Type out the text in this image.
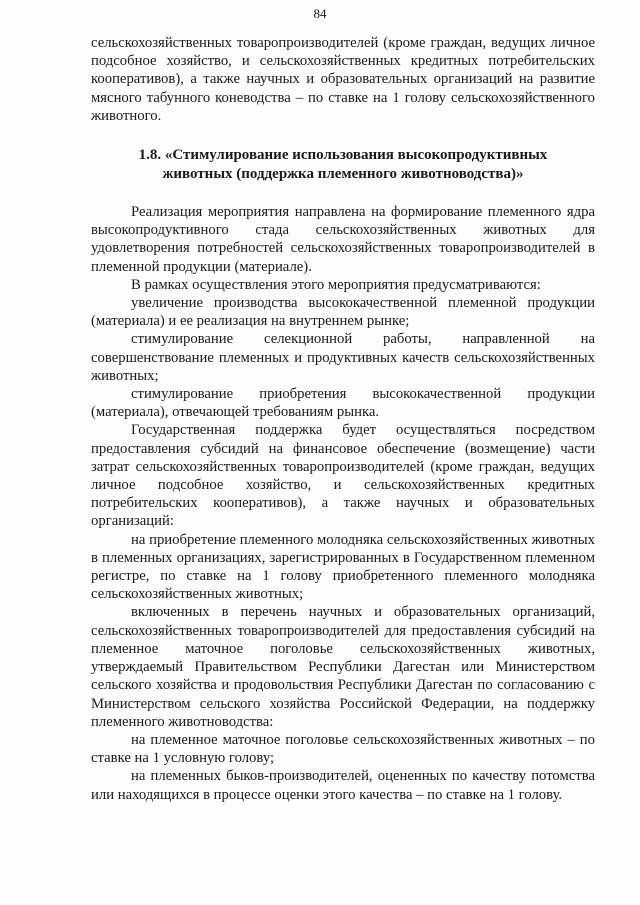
84

сельскохозяйственных товаропроизводителей (кроме граждан, ведущих личное подсобное хозяйство, и сельскохозяйственных кредитных потребительских кооперативов), а также научных и образовательных организаций на развитие мясного табунного коневодства – по ставке на 1 голову сельскохозяйственного животного.

1.8. «Стимулирование использования высокопродуктивных животных (поддержка племенного животноводства)»

Реализация мероприятия направлена на формирование племенного ядра высокопродуктивного стада сельскохозяйственных животных для удовлетворения потребностей сельскохозяйственных товаропроизводителей в племенной продукции (материале).

В рамках осуществления этого мероприятия предусматриваются:

увеличение производства высококачественной племенной продукции (материала) и ее реализация на внутреннем рынке;

стимулирование селекционной работы, направленной на совершенствование племенных и продуктивных качеств сельскохозяйственных животных;

стимулирование приобретения высококачественной продукции (материала), отвечающей требованиям рынка.

Государственная поддержка будет осуществляться посредством предоставления субсидий на финансовое обеспечение (возмещение) части затрат сельскохозяйственных товаропроизводителей (кроме граждан, ведущих личное подсобное хозяйство, и сельскохозяйственных кредитных потребительских кооперативов), а также научных и образовательных организаций:

на приобретение племенного молодняка сельскохозяйственных животных в племенных организациях, зарегистрированных в Государственном племенном регистре, по ставке на 1 голову приобретенного племенного молодняка сельскохозяйственных животных;

включенных в перечень научных и образовательных организаций, сельскохозяйственных товаропроизводителей для предоставления субсидий на племенное маточное поголовье сельскохозяйственных животных, утверждаемый Правительством Республики Дагестан или Министерством сельского хозяйства и продовольствия Республики Дагестан по согласованию с Министерством сельского хозяйства Российской Федерации, на поддержку племенного животноводства:

на племенное маточное поголовье сельскохозяйственных животных – по ставке на 1 условную голову;

на племенных быков-производителей, оцененных по качеству потомства или находящихся в процессе оценки этого качества – по ставке на 1 голову.
